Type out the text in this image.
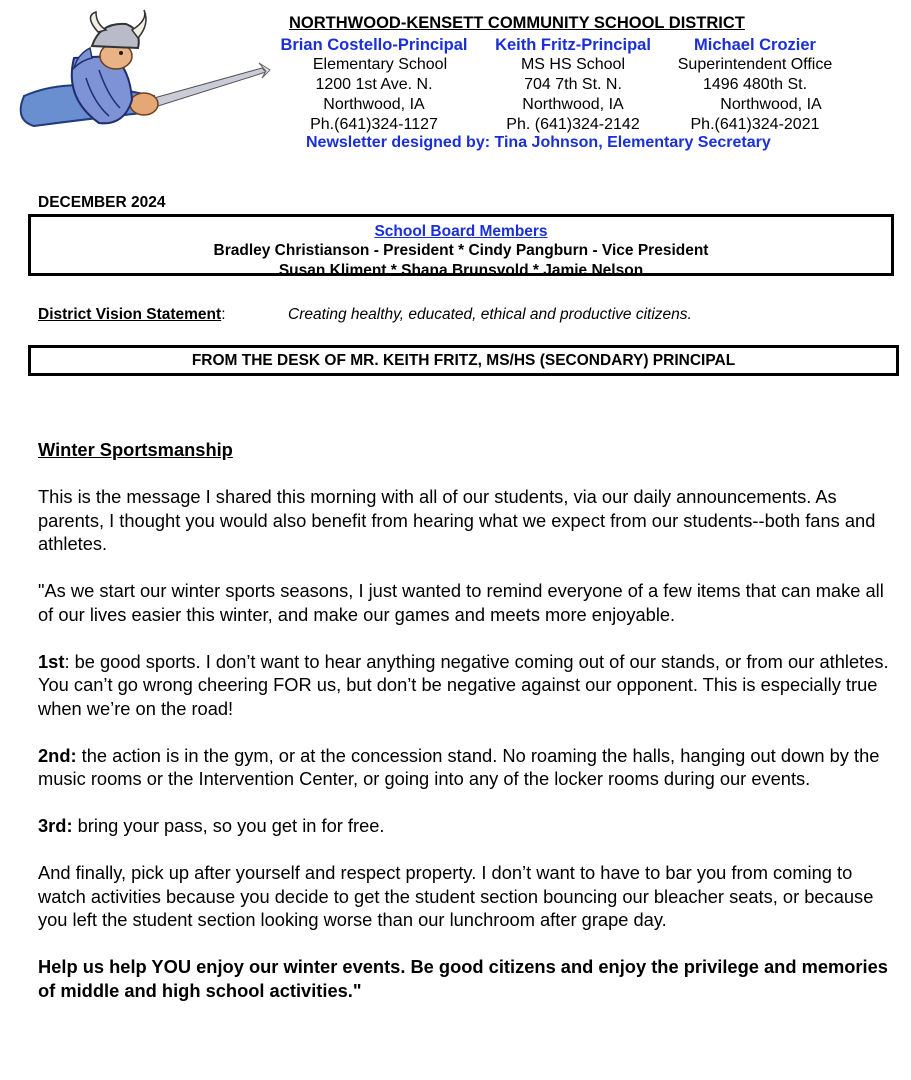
NORTHWOOD-KENSETT COMMUNITY SCHOOL DISTRICT
Brian Costello-Principal
Elementary School
1200 1st Ave. N.
Northwood, IA
Ph.(641)324-1127
Keith Fritz-Principal
MS HS School
704 7th St. N.
Northwood, IA
Ph. (641)324-2142
Michael Crozier
Superintendent Office
1496 480th St.
Northwood, IA
Ph.(641)324-2021
Newsletter designed by: Tina Johnson, Elementary Secretary
DECEMBER 2024
School Board Members
Bradley Christianson - President * Cindy Pangburn - Vice President
Susan Kliment * Shana Brunsvold * Jamie Nelson
District Vision Statement:	Creating healthy, educated, ethical and productive citizens.
FROM THE DESK OF MR. KEITH FRITZ, MS/HS (SECONDARY) PRINCIPAL
Winter Sportsmanship

This is the message I shared this morning with all of our students, via our daily announcements. As parents, I thought you would also benefit from hearing what we expect from our students--both fans and athletes.

"As we start our winter sports seasons, I just wanted to remind everyone of a few items that can make all of our lives easier this winter, and make our games and meets more enjoyable.

1st: be good sports. I don’t want to hear anything negative coming out of our stands, or from our athletes. You can’t go wrong cheering FOR us, but don’t be negative against our opponent. This is especially true when we’re on the road!

2nd: the action is in the gym, or at the concession stand. No roaming the halls, hanging out down by the music rooms or the Intervention Center, or going into any of the locker rooms during our events.

3rd: bring your pass, so you get in for free.

And finally, pick up after yourself and respect property. I don’t want to have to bar you from coming to watch activities because you decide to get the student section bouncing our bleacher seats, or because you left the student section looking worse than our lunchroom after grape day.

Help us help YOU enjoy our winter events. Be good citizens and enjoy the privilege and memories of middle and high school activities."
